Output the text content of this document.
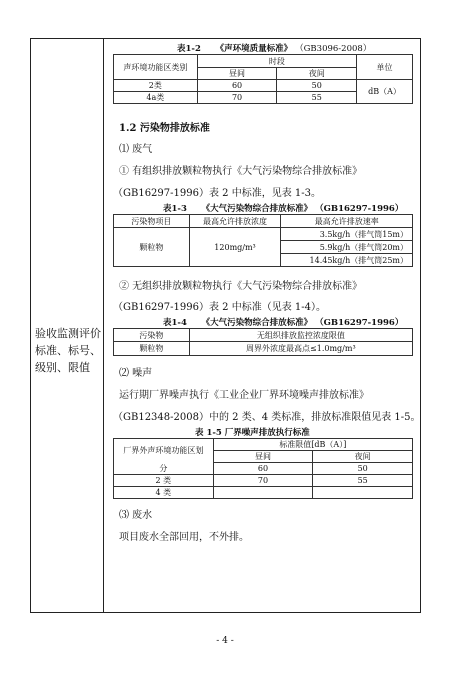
验收监测评价标准、标号、级别、限值
表1-2 《声环境质量标准》 （GB3096-2008）
声环境功能区类别	时段		单位
	昼间	夜间	
2类	60	50	dB（A）
4a类	70	55	
1.2 污染物排放标准
⑴ 废气
① 有组织排放颗粒物执行《大气污染物综合排放标准》
（GB16297-1996）表 2 中标准，见表 1-3。
表1-3 《大气污染物综合排放标准》 （GB16297-1996）
污染物项目	最高允许排放浓度	最高允许排放速率
颗粒物	120mg/m³	3.5kg/h（排气筒15m）
		5.9kg/h（排气筒20m）
		14.45kg/h（排气筒25m）
② 无组织排放颗粒物执行《大气污染物综合排放标准》
（GB16297-1996）表 2 中标准（见表 1-4）。
表1-4 《大气污染物综合排放标准》 （GB16297-1996）
污染物	无组织排放监控浓度限值
颗粒物	周界外浓度最高点≤1.0mg/m³
⑵ 噪声
运行期厂界噪声执行《工业企业厂界环境噪声排放标准》
（GB12348-2008）中的 2 类、4 类标准，排放标准限值见表 1-5。
表 1-5 厂界噪声排放执行标准
厂界外声环境功能区划	标准限值[dB（A）]	
	昼间	夜间
分	60	50
2 类	70	55
4 类		
⑶ 废水
项目废水全部回用，不外排。
- 4 -
